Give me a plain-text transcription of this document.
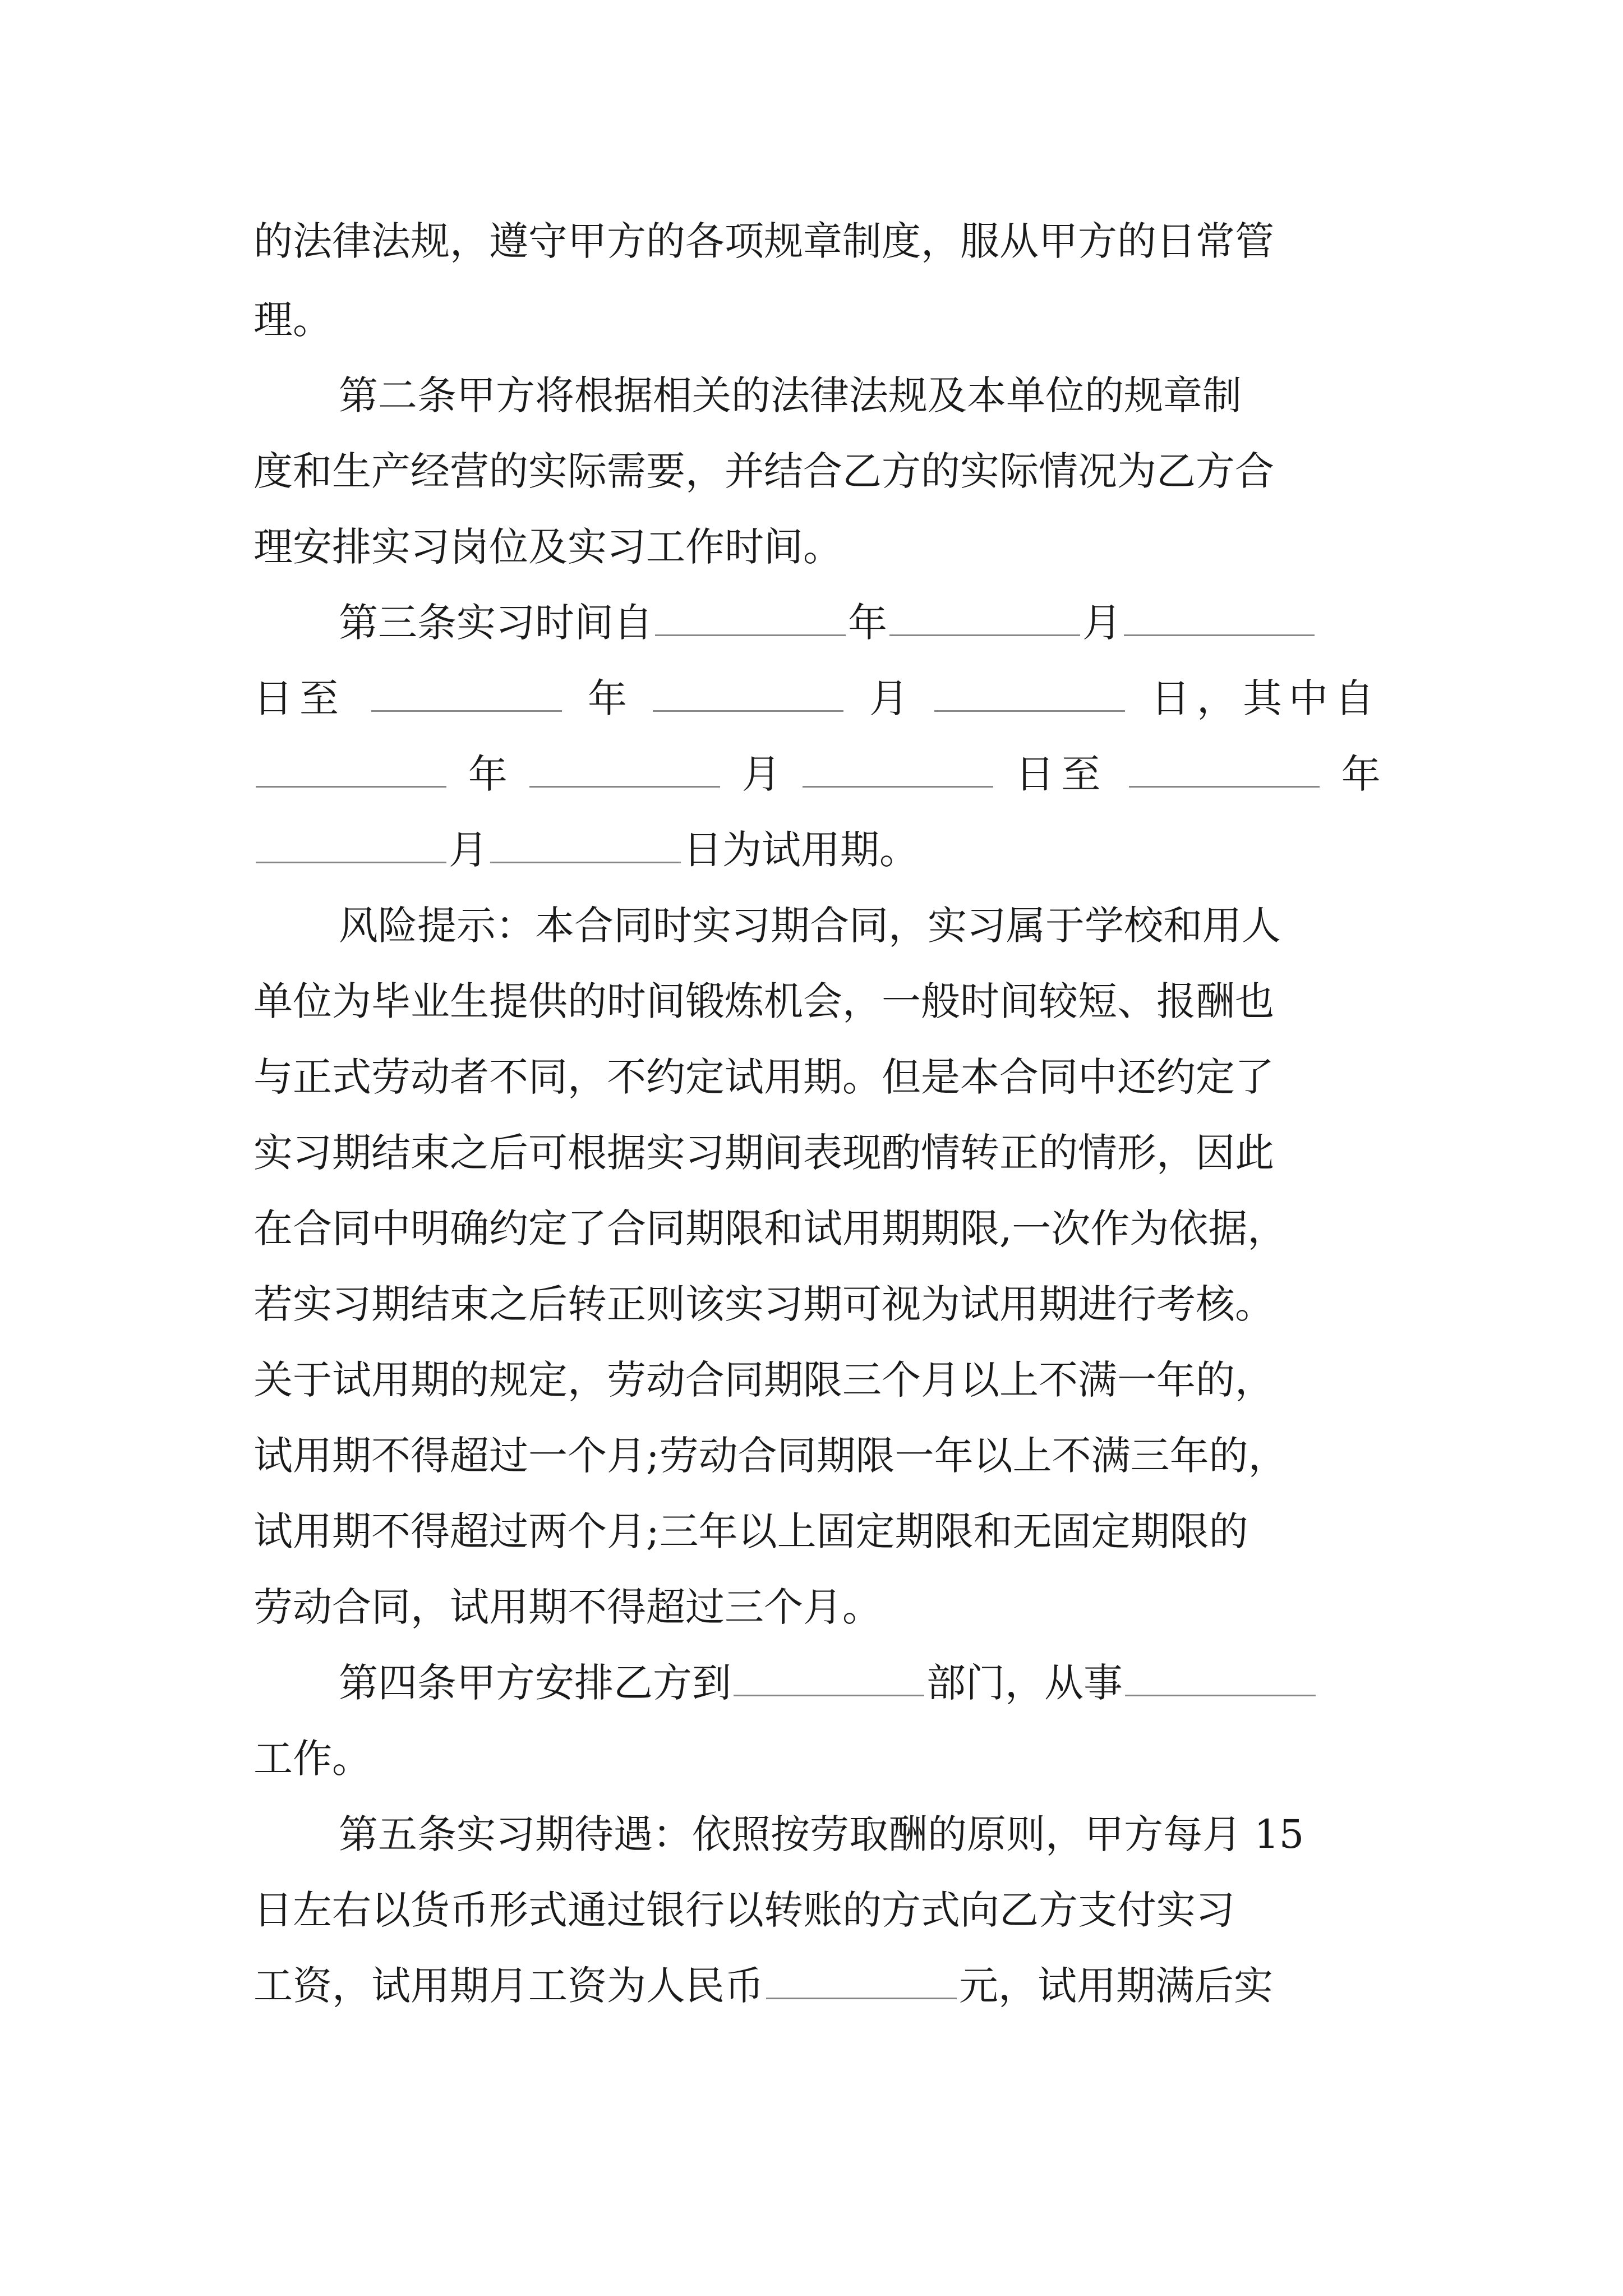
的法律法规，遵守甲方的各项规章制度，服从甲方的日常管
理。
第二条甲方将根据相关的法律法规及本单位的规章制
度和生产经营的实际需要，并结合乙方的实际情况为乙方合
理安排实习岗位及实习工作时间。
第三条实习时间自	年	月
日至	年	月	日，其中自
年	月	日至	年
月	日为试用期。
风险提示：本合同时实习期合同，实习属于学校和用人
单位为毕业生提供的时间锻炼机会，一般时间较短、报酬也
与正式劳动者不同，不约定试用期。但是本合同中还约定了
实习期结束之后可根据实习期间表现酌情转正的情形，因此
在合同中明确约定了合同期限和试用期期限,一次作为依据，
若实习期结束之后转正则该实习期可视为试用期进行考核。
关于试用期的规定，劳动合同期限三个月以上不满一年的，
试用期不得超过一个月;劳动合同期限一年以上不满三年的，
试用期不得超过两个月;三年以上固定期限和无固定期限的
劳动合同，试用期不得超过三个月。
第四条甲方安排乙方到	部门，从事
工作。
第五条实习期待遇：依照按劳取酬的原则，甲方每月 15
日左右以货币形式通过银行以转账的方式向乙方支付实习
工资，试用期月工资为人民币	元，试用期满后实
